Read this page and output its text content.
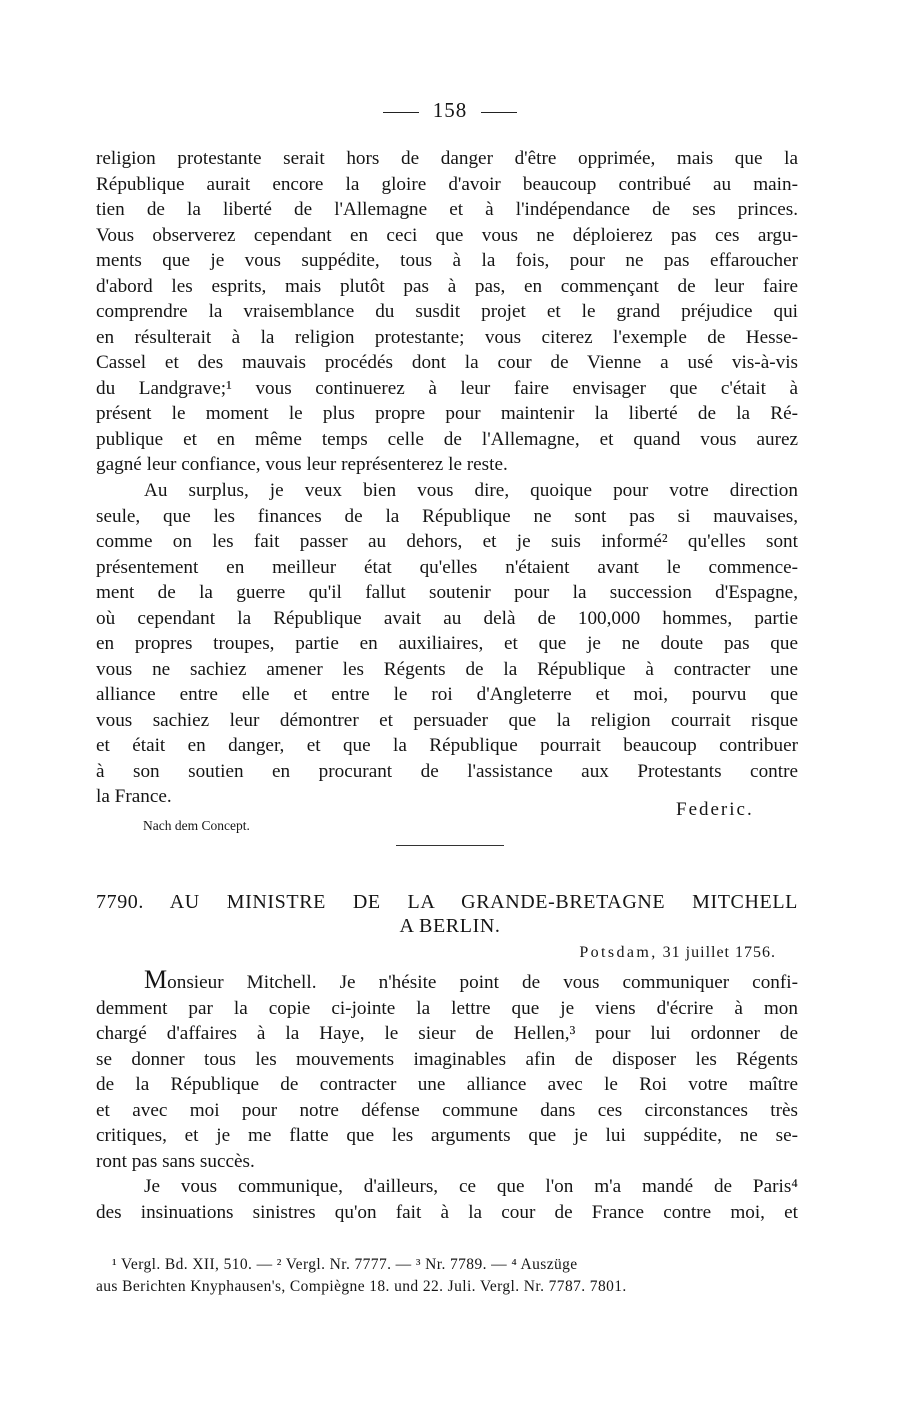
158
religion protestante serait hors de danger d'être opprimée, mais que la
République aurait encore la gloire d'avoir beaucoup contribué au main-
tien de la liberté de l'Allemagne et à l'indépendance de ses princes.
Vous observerez cependant en ceci que vous ne déploierez pas ces argu-
ments que je vous suppédite, tous à la fois, pour ne pas effaroucher
d'abord les esprits, mais plutôt pas à pas, en commençant de leur faire
comprendre la vraisemblance du susdit projet et le grand préjudice qui
en résulterait à la religion protestante; vous citerez l'exemple de Hesse-
Cassel et des mauvais procédés dont la cour de Vienne a usé vis-à-vis
du Landgrave;¹ vous continuerez à leur faire envisager que c'était à
présent le moment le plus propre pour maintenir la liberté de la Ré-
publique et en même temps celle de l'Allemagne, et quand vous aurez
gagné leur confiance, vous leur représenterez le reste.
Au surplus, je veux bien vous dire, quoique pour votre direction
seule, que les finances de la République ne sont pas si mauvaises,
comme on les fait passer au dehors, et je suis informé² qu'elles sont
présentement en meilleur état qu'elles n'étaient avant le commence-
ment de la guerre qu'il fallut soutenir pour la succession d'Espagne,
où cependant la République avait au delà de 100,000 hommes, partie
en propres troupes, partie en auxiliaires, et que je ne doute pas que
vous ne sachiez amener les Régents de la République à contracter une
alliance entre elle et entre le roi d'Angleterre et moi, pourvu que
vous sachiez leur démontrer et persuader que la religion courrait risque
et était en danger, et que la République pourrait beaucoup contribuer
à son soutien en procurant de l'assistance aux Protestants contre
la France.
Federic.
Nach dem Concept.
7790. AU MINISTRE DE LA GRANDE-BRETAGNE MITCHELL
A BERLIN.
Potsdam, 31 juillet 1756.
Monsieur Mitchell. Je n'hésite point de vous communiquer confi-
demment par la copie ci-jointe la lettre que je viens d'écrire à mon
chargé d'affaires à la Haye, le sieur de Hellen,³ pour lui ordonner de
se donner tous les mouvements imaginables afin de disposer les Régents
de la République de contracter une alliance avec le Roi votre maître
et avec moi pour notre défense commune dans ces circonstances très
critiques, et je me flatte que les arguments que je lui suppédite, ne se-
ront pas sans succès.
Je vous communique, d'ailleurs, ce que l'on m'a mandé de Paris⁴
des insinuations sinistres qu'on fait à la cour de France contre moi, et
¹ Vergl. Bd. XII, 510. — ² Vergl. Nr. 7777. — ³ Nr. 7789. — ⁴ Auszüge
aus Berichten Knyphausen's, Compiègne 18. und 22. Juli. Vergl. Nr. 7787. 7801.
